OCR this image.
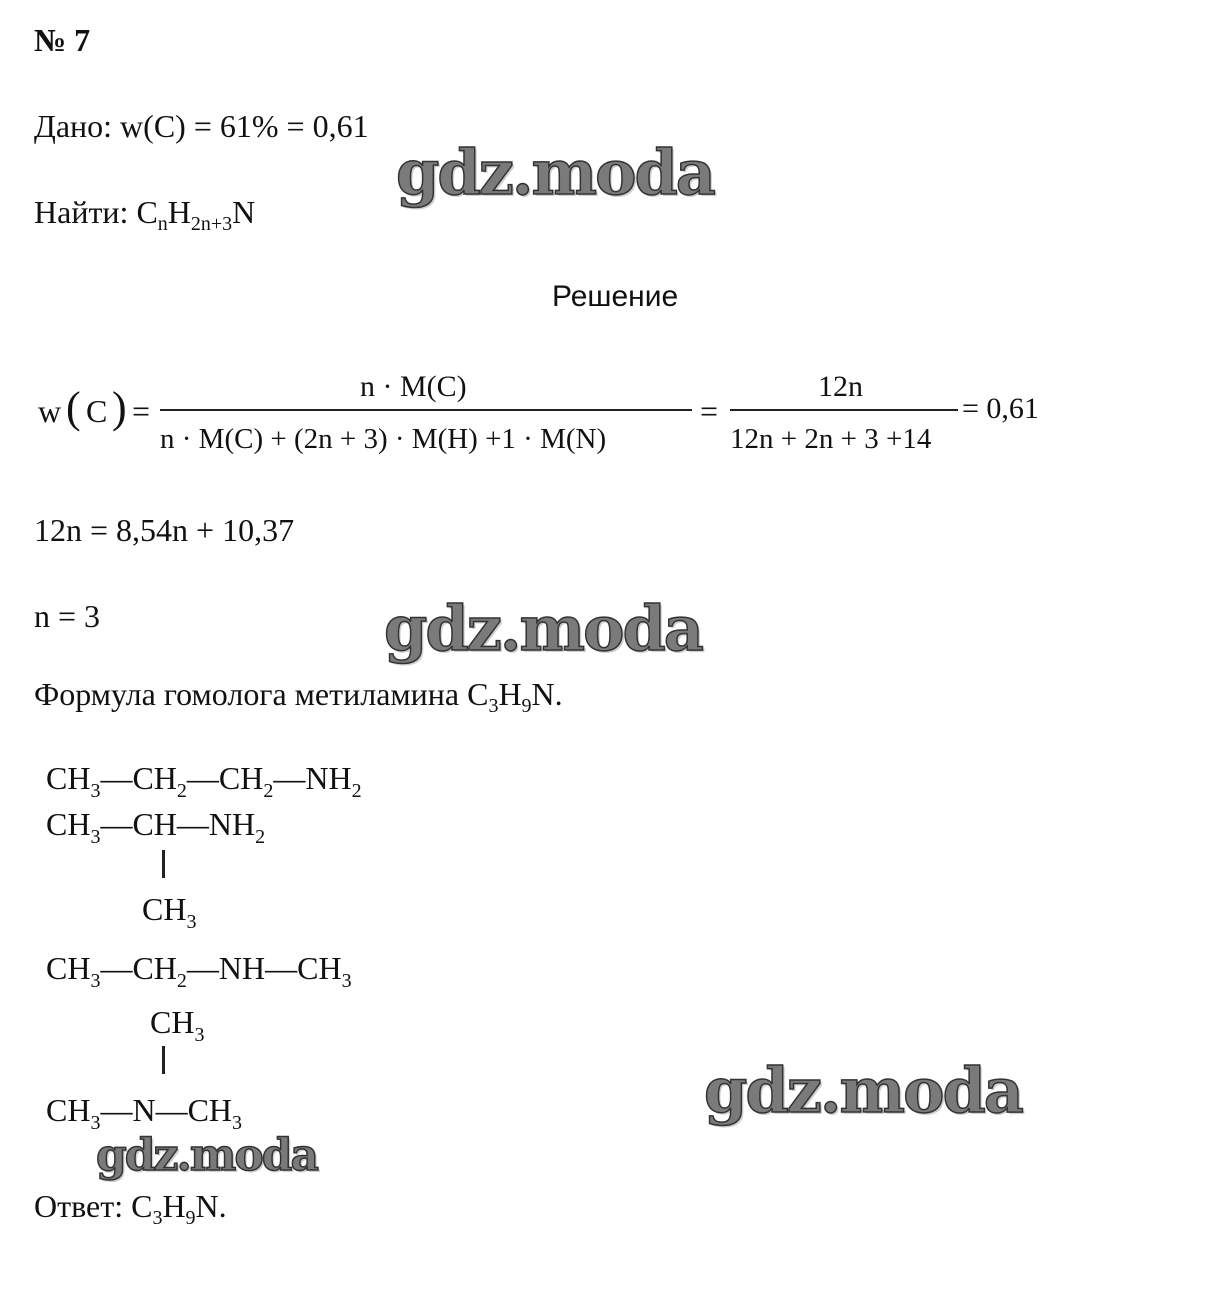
№ 7
Дано: w(C) = 61% = 0,61
Найти: $C_nH_{2n+3}N$
Решение
w ( C ) =
n · M(C)
n · M(C) + (2n + 3) · M(H) +1 · M(N)
=
12n
12n + 2n + 3 +14
= 0,61
12n = 8,54n + 10,37
n = 3
Формула гомолога метиламина $C_3H_9N$.
$CH_3—CH_2—CH_2—NH_2$
$CH_3—CH—NH_2$
$CH_3$
$CH_3—CH_2—NH—CH_3$
$CH_3$
$CH_3—N—CH_3$
Ответ: $C_3H_9N$.
gdz.moda
gdz.moda
gdz.moda
gdz.moda
